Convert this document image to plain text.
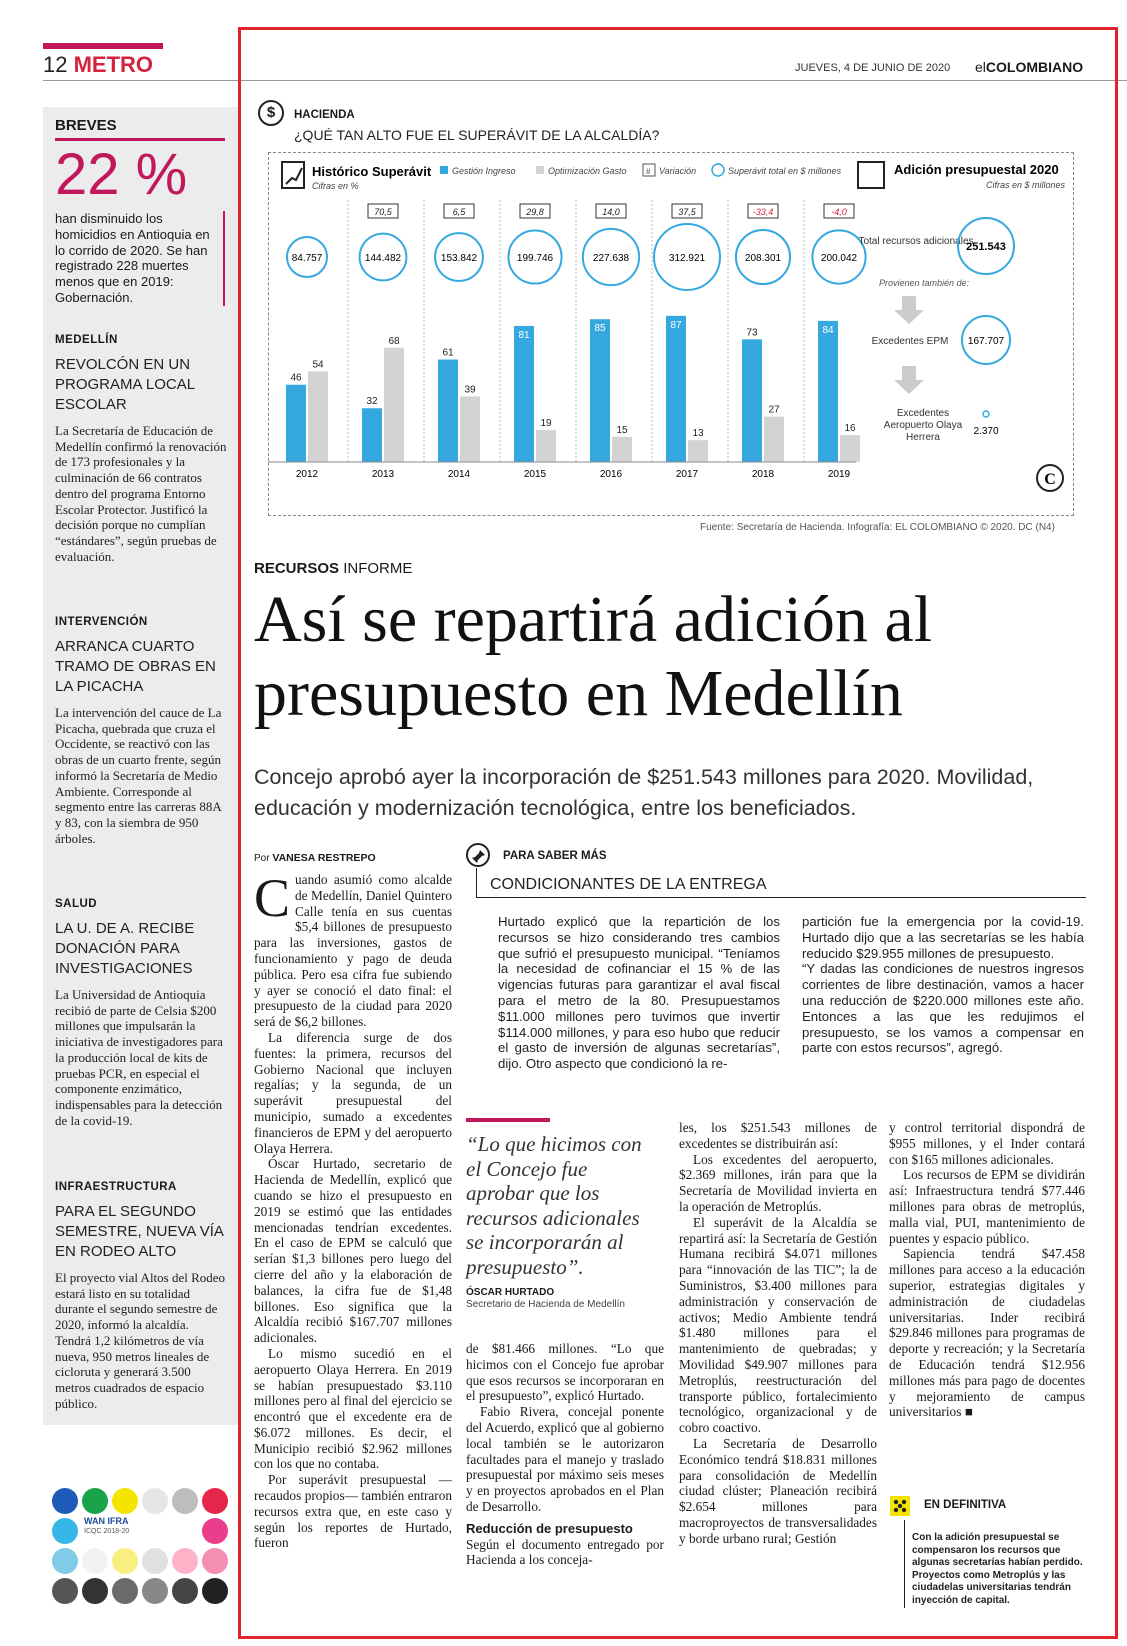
12 METRO	JUEVES, 4 DE JUNIO DE 2020 elCOLOMBIANO
BREVES
22 %
han disminuido los homicidios en Antioquia en lo corrido de 2020. Se han registrado 228 muertes menos que en 2019: Gobernación.
MEDELLÍN
REVOLCÓN EN UN PROGRAMA LOCAL ESCOLAR
La Secretaría de Educación de Medellín confirmó la renovación de 173 profesionales y la culminación de 66 contratos dentro del programa Entorno Escolar Protector. Justificó la decisión porque no cumplían “estándares”, según pruebas de evaluación.
INTERVENCIÓN
ARRANCA CUARTO TRAMO DE OBRAS EN LA PICACHA
La intervención del cauce de La Picacha, quebrada que cruza el Occidente, se reactivó con las obras de un cuarto frente, según informó la Secretaría de Medio Ambiente. Corresponde al segmento entre las carreras 88A y 83, con la siembra de 950 árboles.
SALUD
LA U. DE A. RECIBE DONACIÓN PARA INVESTIGACIONES
La Universidad de Antioquia recibió de parte de Celsia $200 millones que impulsarán la iniciativa de investigadores para la producción local de kits de pruebas PCR, en especial el componente enzimático, indispensables para la detección de la covid-19.
INFRAESTRUCTURA
PARA EL SEGUNDO SEMESTRE, NUEVA VÍA EN RODEO ALTO
El proyecto vial Altos del Rodeo estará listo en su totalidad durante el segundo semestre de 2020, informó la alcaldía. Tendrá 1,2 kilómetros de vía nueva, 950 metros lineales de cicloruta y generará 3.500 metros cuadrados de espacio público.
WAN IFRA
ICQC 2018-20
$	HACIENDA
¿QUÉ TAN ALTO FUE EL SUPERÁVIT DE LA ALCALDÍA?
Histórico Superávit
Cifras en %
Gestión Ingreso	Optimización Gasto # Variación	Superávit total en $ millones
46
54
84.757
2012
32
68
70,5
144.482
2013
61
39
6,5
153.842
2014
81
19
29,8
199.746
2015
85
15
14,0
227.638
2016
87
13
37,5
312.921
2017
73
27
-33,4
208.301
2018
84
16
-4,0
200.042
2019
Adición presupuestal 2020
Cifras en $ millones
Total recursos adicionales
251.543
Provienen también de:
Excedentes EPM 167.707
Excedentes Aeropuerto Olaya Herrera
2.370
C
Fuente: Secretaría de Hacienda. Infografía: EL COLOMBIANO © 2020. DC (N4)
RECURSOS INFORME
Así se repartirá adición al
presupuesto en Medellín
Concejo aprobó ayer la incorporación de $251.543 millones para 2020. Movilidad, educación y modernización tecnológica, entre los beneficiados.
Por VANESA RESTREPO

Cuando asumió como alcalde de Medellín, Daniel Quintero Calle tenía en sus cuentas $5,4 billones de presupuesto para las inversiones, gastos de funcionamiento y pago de deuda pública. Pero esa cifra fue subiendo y ayer se conoció el dato final: el presupuesto de la ciudad para 2020 será de $6,2 billones.

La diferencia surge de dos fuentes: la primera, recursos del Gobierno Nacional que incluyen regalías; y la segunda, de un superávit presupuestal del municipio, sumado a excedentes financieros de EPM y del aeropuerto Olaya Herrera.

Óscar Hurtado, secretario de Hacienda de Medellín, explicó que cuando se hizo el presupuesto en 2019 se estimó que las entidades mencionadas tendrían excedentes. En el caso de EPM se calculó que serían $1,3 billones pero luego del cierre del año y la elaboración de balances, la cifra fue de $1,48 billones. Eso significa que la Alcaldía recibió $167.707 millones adicionales.

Lo mismo sucedió en el aeropuerto Olaya Herrera. En 2019 se habían presupuestado $3.110 millones pero al final del ejercicio se encontró que el excedente era de $6.072 millones. Es decir, el Municipio recibió $2.962 millones con los que no contaba.

Por superávit presupuestal —recaudos propios— también entraron recursos extra que, en este caso y según los reportes de Hurtado, fueron

PARA SABER MÁS
CONDICIONANTES DE LA ENTREGA
Hurtado explicó que la repartición de los recursos se hizo considerando tres cambios que sufrió el presupuesto municipal. “Teníamos la necesidad de cofinanciar el 15 % de las vigencias futuras para garantizar el aval fiscal para el metro de la 80. Presupuestamos $11.000 millones pero tuvimos que invertir $114.000 millones, y para eso hubo que reducir el gasto de inversión de algunas secretarías”, dijo. Otro aspecto que condicionó la re-
partición fue la emergencia por la covid-19. Hurtado dijo que a las secretarías se les había reducido $29.955 millones de presupuesto.
“Y dadas las condiciones de nuestros ingresos corrientes de libre destinación, vamos a hacer una reducción de $220.000 millones este año. Entonces a las que les redujimos el presupuesto, se los vamos a compensar en parte con estos recursos”, agregó.
“Lo que hicimos con el Concejo fue aprobar que los recursos adicionales se incorporarán al presupuesto”.
ÓSCAR HURTADO
Secretario de Hacienda de Medellín

de $81.466 millones. “Lo que hicimos con el Concejo fue aprobar que esos recursos se incorporaran en el presupuesto”, explicó Hurtado.

Fabio Rivera, concejal ponente del Acuerdo, explicó que al gobierno local también se le autorizaron facultades para el manejo y traslado presupuestal por máximo seis meses y en proyectos aprobados en el Plan de Desarrollo.

Reducción de presupuesto

Según el documento entregado por Hacienda a los conceja-

les, los $251.543 millones de excedentes se distribuirán así:

Los excedentes del aeropuerto, $2.369 millones, irán para que la Secretaría de Movilidad invierta en la operación de Metroplús.

El superávit de la Alcaldía se repartirá así: la Secretaría de Gestión Humana recibirá $4.071 millones para “innovación de las TIC”; la de Suministros, $3.400 millones para administración y conservación de activos; Medio Ambiente tendrá $1.480 millones para el mantenimiento de quebradas; y Movilidad $49.907 millones para Metroplús, reestructuración del transporte público, fortalecimiento tecnológico, organizacional y de cobro coactivo.

La Secretaría de Desarrollo Económico tendrá $18.831 millones para consolidación de Medellín ciudad clúster; Planeación recibirá $2.654 millones para macroproyectos de transversalidades y borde urbano rural; Gestión

y control territorial dispondrá de $955 millones, y el Inder contará con $165 millones adicionales.

Los recursos de EPM se dividirán así: Infraestructura tendrá $77.446 millones para obras de metroplús, malla vial, PUI, mantenimiento de puentes y espacio público.

Sapiencia tendrá $47.458 millones para acceso a la educación superior, estrategias digitales y administración de ciudadelas universitarias. Inder recibirá $29.846 millones para programas de deporte y recreación; y la Secretaría de Educación tendrá $12.956 millones más para pago de docentes y mejoramiento de campus universitarios ■

EN DEFINITIVA
Con la adición presupuestal se compensaron los recursos que algunas secretarías habían perdido. Proyectos como Metroplús y las ciudadelas universitarias tendrán inyección de capital.
